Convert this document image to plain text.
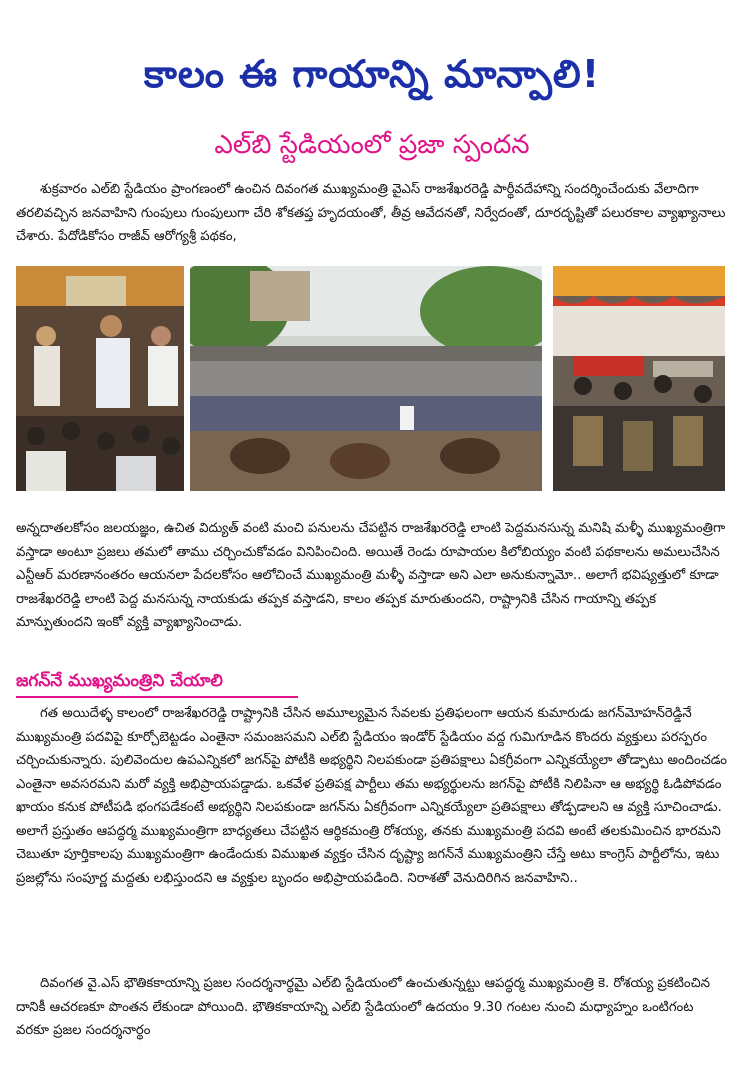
కాలం ఈ గాయాన్ని మాన్పాలి!
ఎల్‌బి స్టేడియంలో ప్రజా స్పందన

శుక్రవారం ఎల్‌బి స్టేడియం ప్రాంగణంలో ఉంచిన దివంగత ముఖ్యమంత్రి వైఎస్ రాజశేఖరరెడ్డి పార్థీవదేహాన్ని సందర్శించేందుకు వేలాదిగా తరలివచ్చిన జనవాహిని గుంపులు గుంపులుగా చేరి శోకతప్త హృదయంతో, తీవ్ర ఆవేదనతో, నిర్వేదంతో, దూరదృష్టితో పలురకాల వ్యాఖ్యానాలు చేశారు. పేదోడికోసం రాజీవ్ ఆరోగ్యశ్రీ పథకం,

అన్నదాతలకోసం జలయజ్ఞం, ఉచిత విద్యుత్ వంటి మంచి పనులను చేపట్టిన రాజశేఖరరెడ్డి లాంటి పెద్దమనసున్న మనిషి మళ్ళీ ముఖ్యమంత్రిగా వస్తాడా అంటూ ప్రజలు తమలో తాము చర్చించుకోవడం వినిపించింది. అయితే రెండు రూపాయల కిలోబియ్యం వంటి పథకాలను అమలుచేసిన ఎన్టీఆర్ మరణానంతరం ఆయనలా పేదలకోసం ఆలోచించే ముఖ్యమంత్రి మళ్ళీ వస్తాడా అని ఎలా అనుకున్నామో.. అలాగే భవిష్యత్తులో కూడా రాజశేఖరరెడ్డి లాంటి పెద్ద మనసున్న నాయకుడు తప్పక వస్తాడని, కాలం తప్పక మారుతుందని, రాష్ట్రానికి చేసిన గాయాన్ని తప్పక మాన్పుతుందని ఇంకో వ్యక్తి వ్యాఖ్యానించాడు.

జగన్‌నే ముఖ్యమంత్రిని చేయాలి

గత అయిదేళ్ళ కాలంలో రాజశేఖరరెడ్డి రాష్ట్రానికి చేసిన అమూల్యమైన సేవలకు ప్రతిఫలంగా ఆయన కుమారుడు జగన్‌మోహన్‌రెడ్డినే ముఖ్యమంత్రి పదవిపై కూర్చోబెట్టడం ఎంతైనా సమంజసమని ఎల్‌బి స్టేడియం ఇండోర్ స్టేడియం వద్ద గుమిగూడిన కొందరు వ్యక్తులు పరస్పరం చర్చించుకున్నారు. పులివెందుల ఉపఎన్నికలో జగన్‌పై పోటీకి అభ్యర్థిని నిలపకుండా ప్రతిపక్షాలు ఏకగ్రీవంగా ఎన్నికయ్యేలా తోడ్పాటు అందించడం ఎంతైనా అవసరమని మరో వ్యక్తి అభిప్రాయపడ్డాడు. ఒకవేళ ప్రతిపక్ష పార్టీలు తమ అభ్యర్థులను జగన్‌పై పోటీకి నిలిపినా ఆ అభ్యర్థి ఓడిపోవడం ఖాయం కనుక పోటీపడి భంగపడేకంటే అభ్యర్థిని నిలపకుండా జగన్‌ను ఏకగ్రీవంగా ఎన్నికయ్యేలా ప్రతిపక్షాలు తోడ్పడాలని ఆ వ్యక్తి సూచించాడు. అలాగే ప్రస్తుతం ఆపద్ధర్మ ముఖ్యమంత్రిగా బాధ్యతలు చేపట్టిన ఆర్థికమంత్రి రోశయ్య, తనకు ముఖ్యమంత్రి పదవి అంటే తలకుమించిన భారమని చెబుతూ పూర్తికాలపు ముఖ్యమంత్రిగా ఉండేందుకు విముఖత వ్యక్తం చేసిన దృష్ట్యా జగన్‌నే ముఖ్యమంత్రిని చేస్తే అటు కాంగ్రెస్ పార్టీలోను, ఇటు ప్రజల్లోను సంపూర్ణ మద్దతు లభిస్తుందని ఆ వ్యక్తుల బృందం అభిప్రాయపడింది. నిరాశతో వెనుదిరిగిన జనవాహిని..

దివంగత వై.ఎస్ భౌతికకాయాన్ని ప్రజల సందర్శనార్థమై ఎల్‌బి స్టేడియంలో ఉంచుతున్నట్టు ఆపద్ధర్మ ముఖ్యమంత్రి కె. రోశయ్య ప్రకటించిన దానికీ ఆచరణకూ పొంతన లేకుండా పోయింది. భౌతికకాయాన్ని ఎల్‌బి స్టేడియంలో ఉదయం 9.30 గంటల నుంచి మధ్యాహ్నం ఒంటిగంట వరకూ ప్రజల సందర్శనార్థం
